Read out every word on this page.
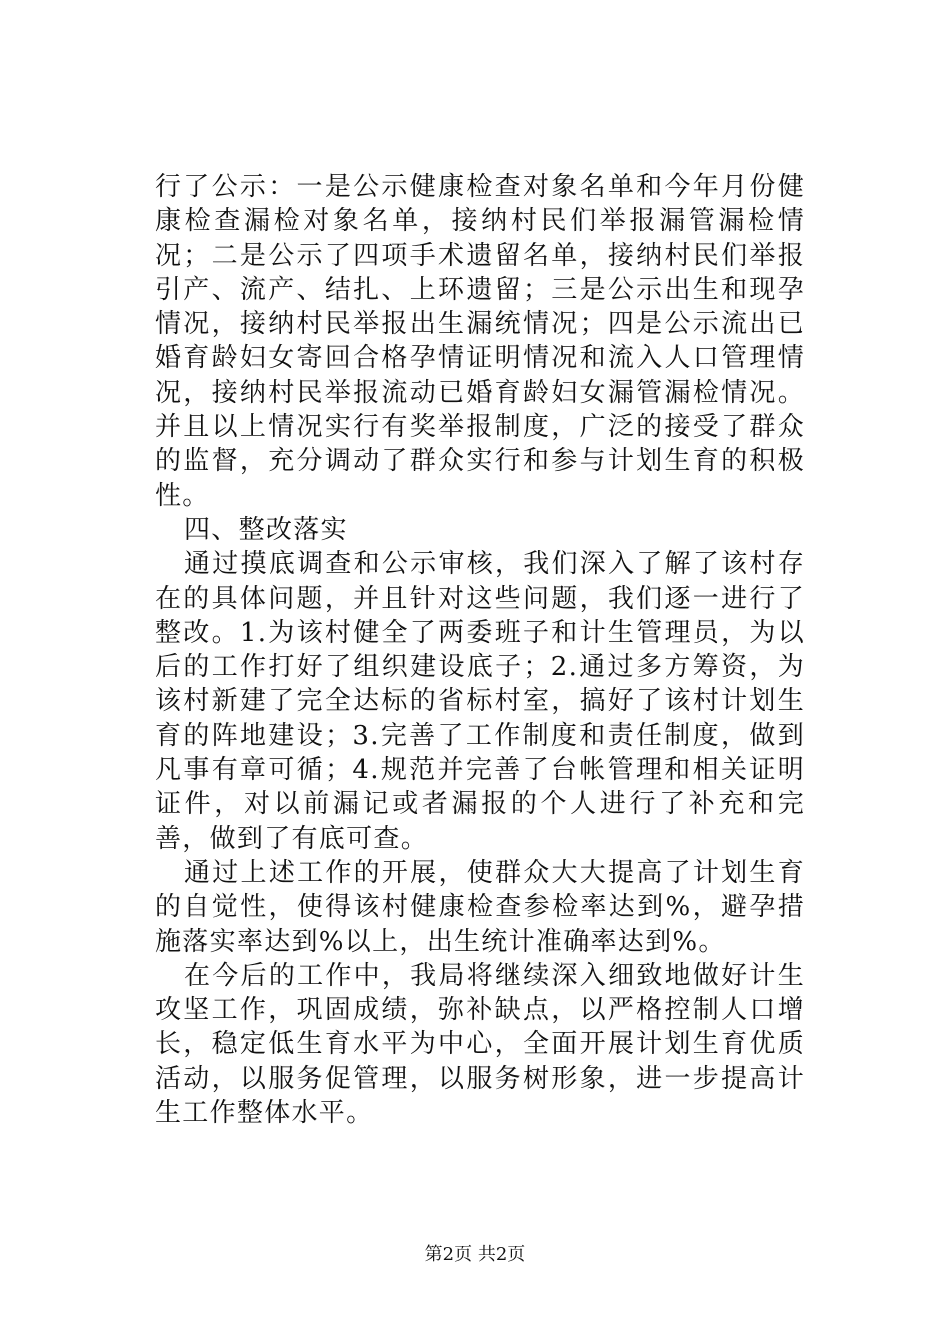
行了公示：一是公示健康检查对象名单和今年月份健康检查漏检对象名单，接纳村民们举报漏管漏检情况；二是公示了四项手术遗留名单，接纳村民们举报引产、流产、结扎、上环遗留；三是公示出生和现孕情况，接纳村民举报出生漏统情况；四是公示流出已婚育龄妇女寄回合格孕情证明情况和流入人口管理情况，接纳村民举报流动已婚育龄妇女漏管漏检情况。并且以上情况实行有奖举报制度，广泛的接受了群众的监督，充分调动了群众实行和参与计划生育的积极性。

四、整改落实

通过摸底调查和公示审核，我们深入了解了该村存在的具体问题，并且针对这些问题，我们逐一进行了整改。1.为该村健全了两委班子和计生管理员，为以后的工作打好了组织建设底子；2.通过多方筹资，为该村新建了完全达标的省标村室，搞好了该村计划生育的阵地建设；3.完善了工作制度和责任制度，做到凡事有章可循；4.规范并完善了台帐管理和相关证明证件，对以前漏记或者漏报的个人进行了补充和完善，做到了有底可查。

通过上述工作的开展，使群众大大提高了计划生育的自觉性，使得该村健康检查参检率达到%，避孕措施落实率达到%以上，出生统计准确率达到%。

在今后的工作中，我局将继续深入细致地做好计生攻坚工作，巩固成绩，弥补缺点，以严格控制人口增长，稳定低生育水平为中心，全面开展计划生育优质活动，以服务促管理，以服务树形象，进一步提高计生工作整体水平。

第2页 共2页
